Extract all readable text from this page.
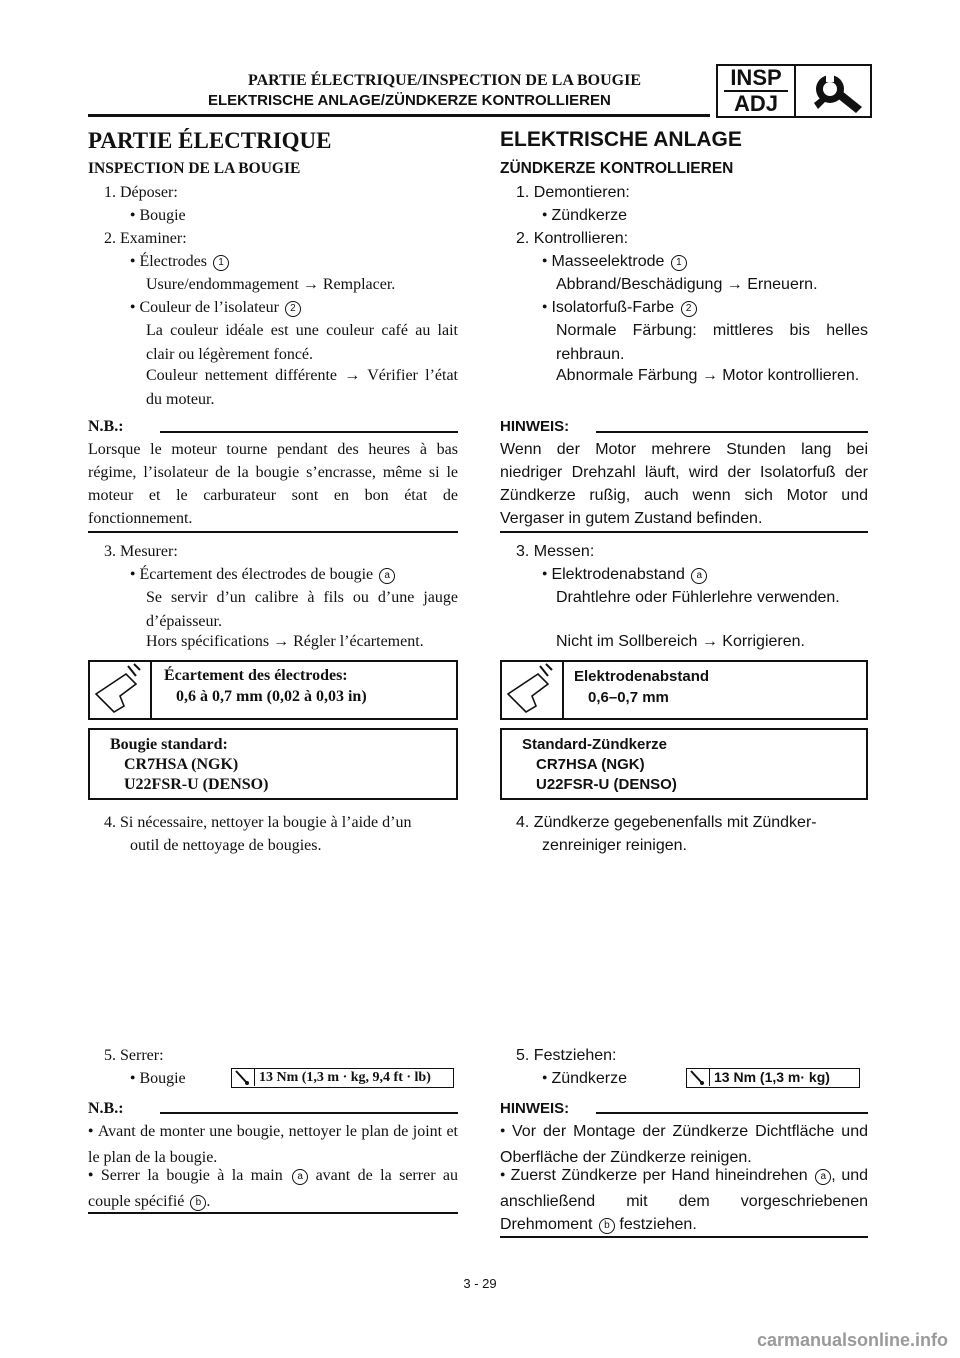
PARTIE ÉLECTRIQUE/INSPECTION DE LA BOUGIE
ELEKTRISCHE ANLAGE/ZÜNDKERZE KONTROLLIEREN
INSP
ADJ
PARTIE ÉLECTRIQUE
INSPECTION DE LA BOUGIE
1. Déposer:
● Bougie
2. Examiner:
● Électrodes 1
Usure/endommagement → Remplacer.
● Couleur de l’isolateur 2
La couleur idéale est une couleur café au lait clair ou légèrement foncé.
Couleur nettement différente → Vérifier l’état du moteur.
N.B.:
Lorsque le moteur tourne pendant des heures à bas régime, l’isolateur de la bougie s’encrasse, même si le moteur et le carburateur sont en bon état de fonctionnement.
3. Mesurer:
● Écartement des électrodes de bougie a
Se servir d’un calibre à fils ou d’une jauge d’épaisseur.
Hors spécifications → Régler l’écartement.
Écartement des électrodes:
0,6 à 0,7 mm (0,02 à 0,03 in)
Bougie standard:
CR7HSA (NGK)
U22FSR-U (DENSO)
4. Si nécessaire, nettoyer la bougie à l’aide d’un
outil de nettoyage de bougies.
5. Serrer:
● Bougie	13 Nm (1,3 m · kg, 9,4 ft · lb)
N.B.:
● Avant de monter une bougie, nettoyer le plan de joint et le plan de la bougie.
● Serrer la bougie à la main a avant de la serrer au couple spécifié b .
ELEKTRISCHE ANLAGE
ZÜNDKERZE KONTROLLIEREN
1. Demontieren:
● Zündkerze
2. Kontrollieren:
● Masseelektrode 1
Abbrand/Beschädigung → Erneuern.
● Isolatorfuß-Farbe 2
Normale Färbung: mittleres bis helles rehbraun.
Abnormale Färbung → Motor kontrollieren.
HINWEIS:
Wenn der Motor mehrere Stunden lang bei niedriger Drehzahl läuft, wird der Isolatorfuß der Zündkerze rußig, auch wenn sich Motor und Vergaser in gutem Zustand befinden.
3. Messen:
● Elektrodenabstand a
Drahtlehre oder Fühlerlehre verwenden.
Nicht im Sollbereich → Korrigieren.
Elektrodenabstand
0,6–0,7 mm
Standard-Zündkerze
CR7HSA (NGK)
U22FSR-U (DENSO)
4. Zündkerze gegebenenfalls mit Zündker-
zenreiniger reinigen.
5. Festziehen:
● Zündkerze	13 Nm (1,3 m· kg)
HINWEIS:
● Vor der Montage der Zündkerze Dichtfläche und Oberfläche der Zündkerze reinigen.
● Zuerst Zündkerze per Hand hineindrehen a , und anschließend mit dem vorgeschriebenen Drehmoment b festziehen.
3 - 29
carmanualsonline.info
